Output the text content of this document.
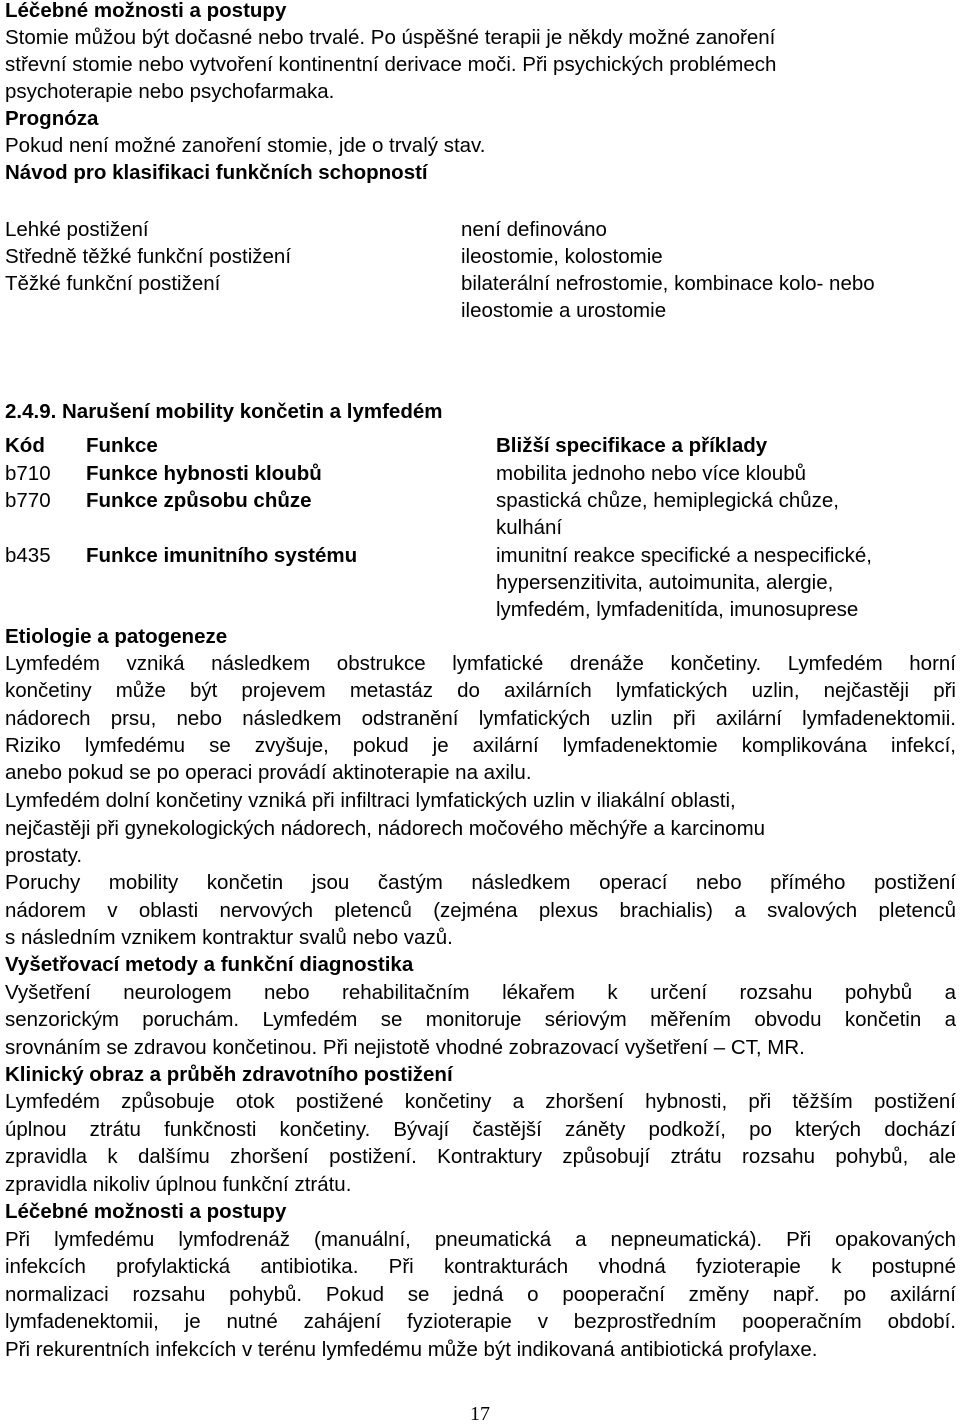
Léčebné možnosti a postupy
Stomie můžou být dočasné nebo trvalé. Po úspěšné terapii je někdy možné zanoření
střevní stomie nebo vytvoření kontinentní derivace moči. Při psychických problémech
psychoterapie nebo psychofarmaka.
Prognóza
Pokud není možné zanoření stomie, jde o trvalý stav.
Návod pro klasifikaci funkčních schopností
Lehké postižení	není definováno
Středně těžké funkční postižení	ileostomie, kolostomie
Těžké funkční postižení	bilaterální nefrostomie, kombinace kolo- nebo
ileostomie a urostomie
2.4.9. Narušení mobility končetin a lymfedém
Kód Funkce	Bližší specifikace a příklady
b710 Funkce hybnosti kloubů	mobilita jednoho nebo více kloubů
b770 Funkce způsobu chůze	spastická chůze, hemiplegická chůze,
kulhání
b435 Funkce imunitního systému	imunitní reakce specifické a nespecifické,
hypersenzitivita, autoimunita, alergie,
lymfedém, lymfadenitída, imunosuprese
Etiologie a patogeneze
Lymfedém vzniká následkem obstrukce lymfatické drenáže končetiny. Lymfedém horní
končetiny může být projevem metastáz do axilárních lymfatických uzlin, nejčastěji při
nádorech prsu, nebo následkem odstranění lymfatických uzlin při axilární lymfadenektomii.
Riziko lymfedému se zvyšuje, pokud je axilární lymfadenektomie komplikována infekcí,
anebo pokud se po operaci provádí aktinoterapie na axilu.
Lymfedém dolní končetiny vzniká při infiltraci lymfatických uzlin v iliakální oblasti,
nejčastěji při gynekologických nádorech, nádorech močového měchýře a karcinomu
prostaty.
Poruchy mobility končetin jsou častým následkem operací nebo přímého postižení
nádorem v oblasti nervových pletenců (zejména plexus brachialis) a svalových pletenců
s následním vznikem kontraktur svalů nebo vazů.
Vyšetřovací metody a funkční diagnostika
Vyšetření neurologem nebo rehabilitačním lékařem k určení rozsahu pohybů a
senzorickým poruchám. Lymfedém se monitoruje sériovým měřením obvodu končetin a
srovnáním se zdravou končetinou. Při nejistotě vhodné zobrazovací vyšetření – CT, MR.
Klinický obraz a průběh zdravotního postižení
Lymfedém způsobuje otok postižené končetiny a zhoršení hybnosti, při těžším postižení
úplnou ztrátu funkčnosti končetiny. Bývají častější záněty podkoží, po kterých dochází
zpravidla k dalšímu zhoršení postižení. Kontraktury způsobují ztrátu rozsahu pohybů, ale
zpravidla nikoliv úplnou funkční ztrátu.
Léčebné možnosti a postupy
Při lymfedému lymfodrenáž (manuální, pneumatická a nepneumatická). Při opakovaných
infekcích profylaktická antibiotika. Při kontrakturách vhodná fyzioterapie k postupné
normalizaci rozsahu pohybů. Pokud se jedná o pooperační změny např. po axilární
lymfadenektomii, je nutné zahájení fyzioterapie v bezprostředním pooperačním období.
Při rekurentních infekcích v terénu lymfedému může být indikovaná antibiotická profylaxe.
17
